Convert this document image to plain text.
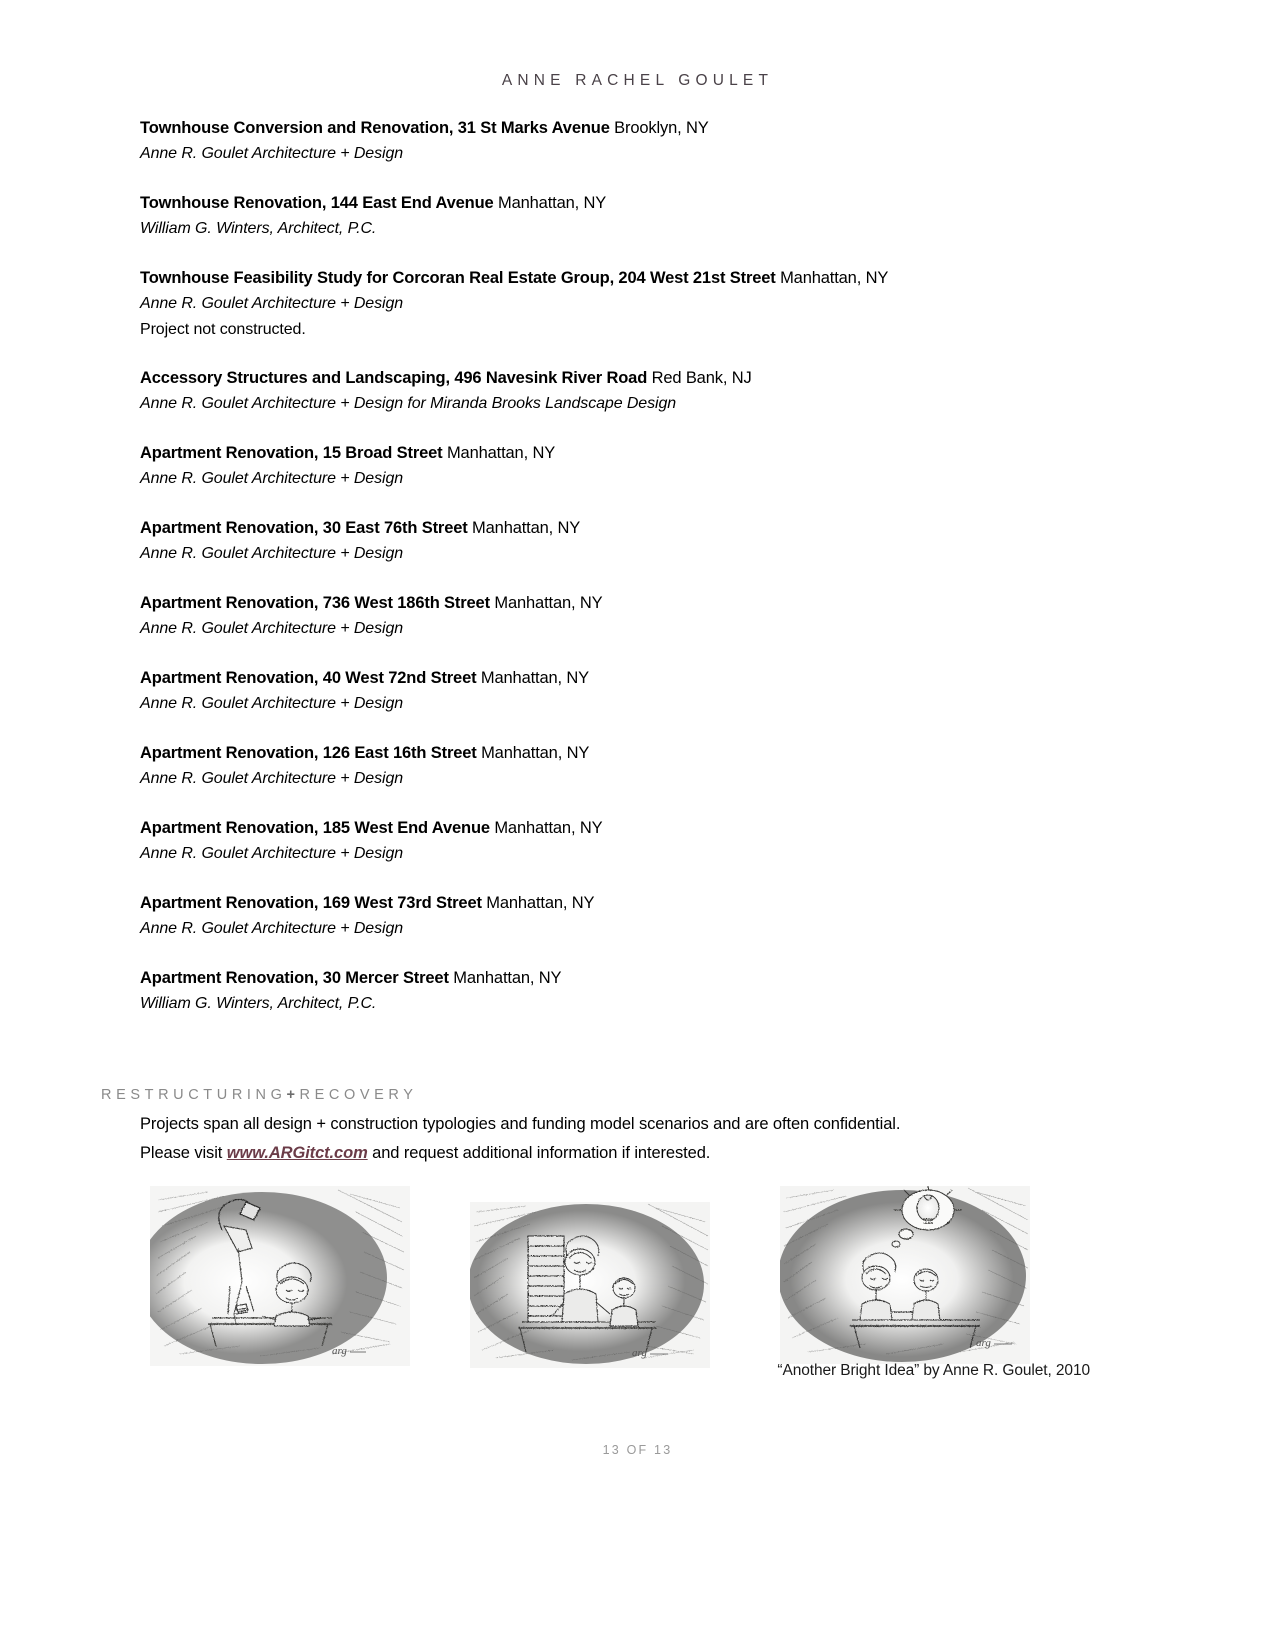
ANNE RACHEL GOULET
Townhouse Conversion and Renovation, 31 St Marks Avenue Brooklyn, NY
Anne R. Goulet Architecture + Design
Townhouse Renovation, 144 East End Avenue Manhattan, NY
William G. Winters, Architect, P.C.
Townhouse Feasibility Study for Corcoran Real Estate Group, 204 West 21st Street Manhattan, NY
Anne R. Goulet Architecture + Design
Project not constructed.
Accessory Structures and Landscaping, 496 Navesink River Road Red Bank, NJ
Anne R. Goulet Architecture + Design for Miranda Brooks Landscape Design
Apartment Renovation, 15 Broad Street Manhattan, NY
Anne R. Goulet Architecture + Design
Apartment Renovation, 30 East 76th Street Manhattan, NY
Anne R. Goulet Architecture + Design
Apartment Renovation, 736 West 186th Street Manhattan, NY
Anne R. Goulet Architecture + Design
Apartment Renovation, 40 West 72nd Street Manhattan, NY
Anne R. Goulet Architecture + Design
Apartment Renovation, 126 East 16th Street Manhattan, NY
Anne R. Goulet Architecture + Design
Apartment Renovation, 185 West End Avenue Manhattan, NY
Anne R. Goulet Architecture + Design
Apartment Renovation, 169 West 73rd Street Manhattan, NY
Anne R. Goulet Architecture + Design
Apartment Renovation, 30 Mercer Street Manhattan, NY
William G. Winters, Architect, P.C.
RESTRUCTURING+RECOVERY
Projects span all design + construction typologies and funding model scenarios and are often confidential.
Please visit www.ARGitct.com and request additional information if interested.
arg	arg
arg
“Another Bright Idea” by Anne R. Goulet, 2010
13 OF 13
